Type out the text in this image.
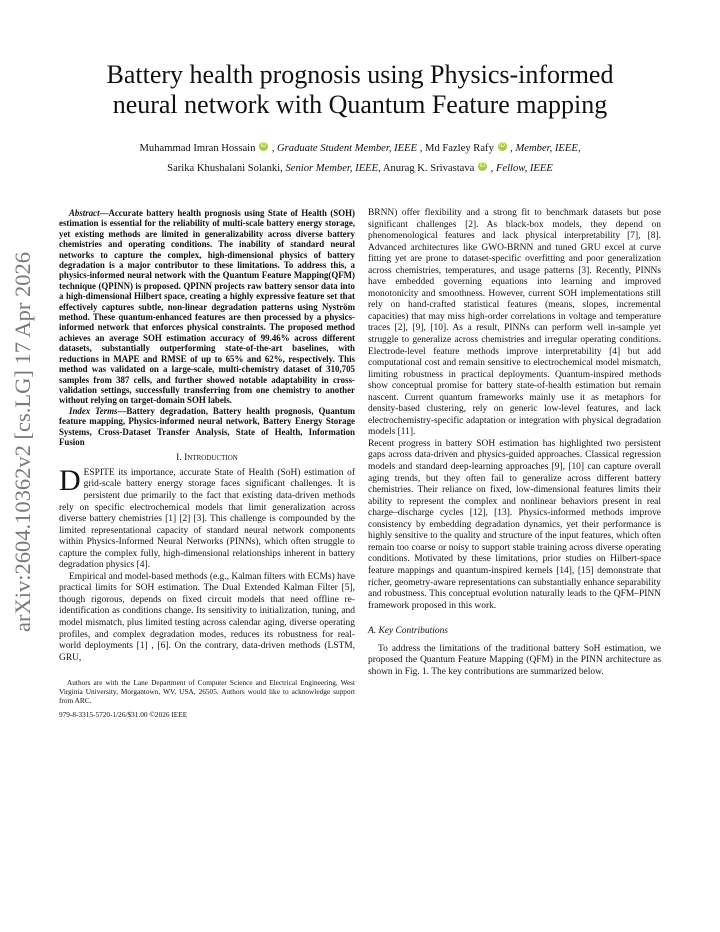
arXiv:2604.10362v2 [cs.LG] 17 Apr 2026
Battery health prognosis using Physics-informed
neural network with Quantum Feature mapping
Muhammad Imran Hossain iD , Graduate Student Member, IEEE , Md Fazley Rafy iD , Member, IEEE,
Sarika Khushalani Solanki, Senior Member, IEEE, Anurag K. Srivastava iD , Fellow, IEEE

Abstract—Accurate battery health prognosis using State of Health (SOH) estimation is essential for the reliability of multi-scale battery energy storage, yet existing methods are limited in generalizability across diverse battery chemistries and operating conditions. The inability of standard neural networks to capture the complex, high-dimensional physics of battery degradation is a major contributor to these limitations. To address this, a physics-informed neural network with the Quantum Feature Mapping(QFM) technique (QPINN) is proposed. QPINN projects raw battery sensor data into a high-dimensional Hilbert space, creating a highly expressive feature set that effectively captures subtle, non-linear degradation patterns using Nyström method. These quantum-enhanced features are then processed by a physics-informed network that enforces physical constraints. The proposed method achieves an average SOH estimation accuracy of 99.46% across different datasets, substantially outperforming state-of-the-art baselines, with reductions in MAPE and RMSE of up to 65% and 62%, respectively. This method was validated on a large-scale, multi-chemistry dataset of 310,705 samples from 387 cells, and further showed notable adaptability in cross-validation settings, successfully transferring from one chemistry to another without relying on target-domain SOH labels.

Index Terms—Battery degradation, Battery health prognosis, Quantum feature mapping, Physics-informed neural network, Battery Energy Storage Systems, Cross-Dataset Transfer Analysis, State of Health, Information Fusion

I. Introduction

DESPITE its importance, accurate State of Health (SoH) estimation of grid-scale battery energy storage faces significant challenges. It is persistent due primarily to the fact that existing data-driven methods rely on specific electrochemical models that limit generalization across diverse battery chemistries [1] [2] [3]. This challenge is compounded by the limited representational capacity of standard neural network components within Physics-Informed Neural Networks (PINNs), which often struggle to capture the complex fully, high-dimensional relationships inherent in battery degradation physics [4].

Empirical and model-based methods (e.g., Kalman filters with ECMs) have practical limits for SOH estimation. The Dual Extended Kalman Filter [5], though rigorous, depends on fixed circuit models that need offline re-identification as conditions change. Its sensitivity to initialization, tuning, and model mismatch, plus limited testing across calendar aging, diverse operating profiles, and complex degradation modes, reduces its robustness for real-world deployments [1] , [6]. On the contrary, data-driven methods (LSTM, GRU,

Authors are with the Lane Department of Computer Science and Electrical Engineering, West Virginia University, Morgantown, WV, USA, 26505. Authors would like to acknowledge support from ARC.
979-8-3315-5720-1/26/$31.00 ©2026 IEEE

BRNN) offer flexibility and a strong fit to benchmark datasets but pose significant challenges [2]. As black-box models, they depend on phenomenological features and lack physical interpretability [7], [8]. Advanced architectures like GWO-BRNN and tuned GRU excel at curve fitting yet are prone to dataset-specific overfitting and poor generalization across chemistries, temperatures, and usage patterns [3]. Recently, PINNs have embedded governing equations into learning and improved monotonicity and smoothness. However, current SOH implementations still rely on hand-crafted statistical features (means, slopes, incremental capacities) that may miss high-order correlations in voltage and temperature traces [2], [9], [10]. As a result, PINNs can perform well in-sample yet struggle to generalize across chemistries and irregular operating conditions. Electrode-level feature methods improve interpretability [4] but add computational cost and remain sensitive to electrochemical model mismatch, limiting robustness in practical deployments. Quantum-inspired methods show conceptual promise for battery state-of-health estimation but remain nascent. Current quantum frameworks mainly use it as metaphors for density-based clustering, rely on generic low-level features, and lack electrochemistry-specific adaptation or integration with physical degradation models [11].

Recent progress in battery SOH estimation has highlighted two persistent gaps across data-driven and physics-guided approaches. Classical regression models and standard deep-learning approaches [9], [10] can capture overall aging trends, but they often fail to generalize across different battery chemistries. Their reliance on fixed, low-dimensional features limits their ability to represent the complex and nonlinear behaviors present in real charge–discharge cycles [12], [13]. Physics-informed methods improve consistency by embedding degradation dynamics, yet their performance is highly sensitive to the quality and structure of the input features, which often remain too coarse or noisy to support stable training across diverse operating conditions. Motivated by these limitations, prior studies on Hilbert-space feature mappings and quantum-inspired kernels [14], [15] demonstrate that richer, geometry-aware representations can substantially enhance separability and robustness. This conceptual evolution naturally leads to the QFM–PINN framework proposed in this work.

A. Key Contributions

To address the limitations of the traditional battery SoH estimation, we proposed the Quantum Feature Mapping (QFM) in the PINN architecture as shown in Fig. 1. The key contributions are summarized below.
